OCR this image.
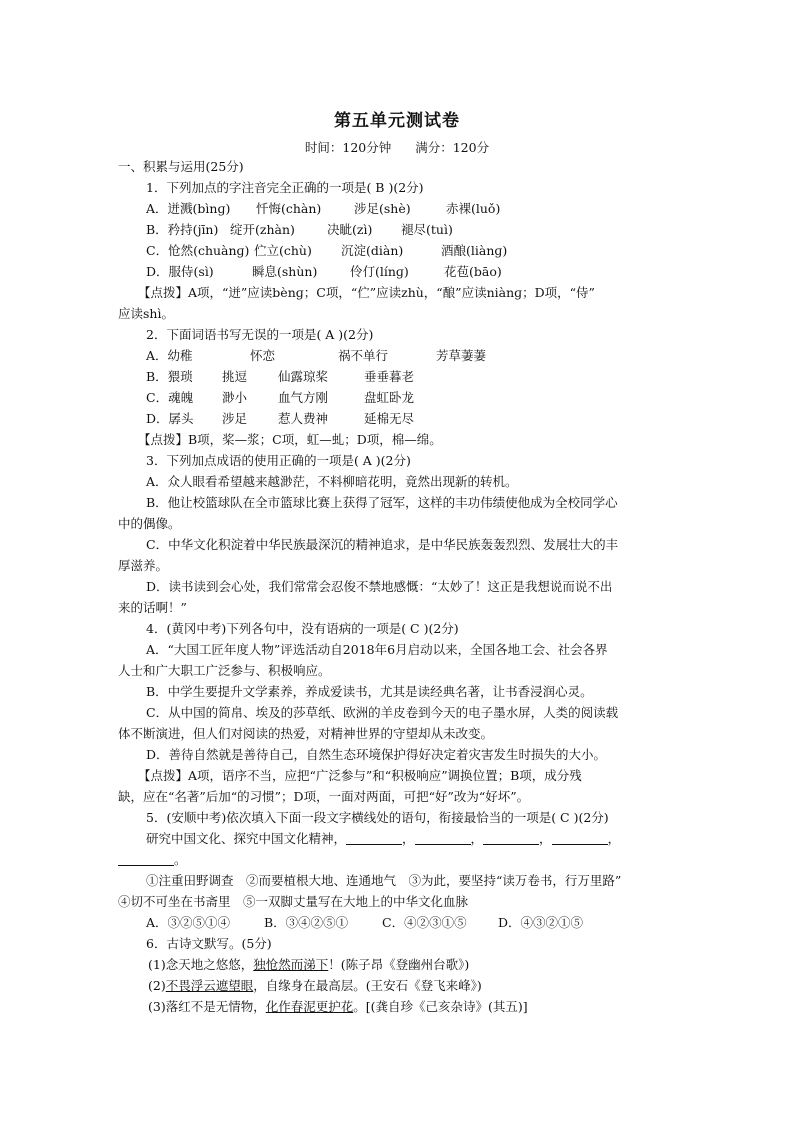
第五单元测试卷
时间：120分钟 满分：120分
一、积累与运用(25分)
1．下列加点的字注音完全正确的一项是( B )(2分)
A．迸溅(bìnɡ) 忏悔(chàn)	涉足(shè)	赤裸(luǒ)
B．矜持(jīn) 绽开(zhàn)	决眦(zì) 褪尽(tuì)
C．怆然(chuànɡ) 伫立(chù) 沉淀(diàn)	酒酿(liànɡ)
D．服侍(sì)	瞬息(shùn)	伶仃(línɡ)	花苞(bāo)
【点拨】A项，“迸”应读bènɡ；C项，“伫”应读zhù，“酿”应读niànɡ；D项，“侍”
应读shì。
2．下面词语书写无误的一项是( A )(2分)
A．幼稚	怀恋	祸不单行	芳草萋萋
B．猥琐 挑逗 仙露琼桨	垂垂暮老
C．魂魄 渺小 血气方刚	盘虹卧龙
D．孱头 涉足 惹人费神	延棉无尽
【点拨】B项，桨—浆；C项，虹—虬；D项，棉—绵。
3．下列加点成语的使用正确的一项是( A )(2分)
A．众人眼看希望越来越渺茫，不料柳暗花明，竟然出现新的转机。
B．他让校篮球队在全市篮球比赛上获得了冠军，这样的丰功伟绩使他成为全校同学心
中的偶像。
C．中华文化积淀着中华民族最深沉的精神追求，是中华民族轰轰烈烈、发展壮大的丰
厚滋养。
D．读书读到会心处，我们常常会忍俊不禁地感慨：“太妙了！这正是我想说而说不出
来的话啊！”
4．(黄冈中考)下列各句中，没有语病的一项是( C )(2分)
A．“大国工匠年度人物”评选活动自2018年6月启动以来，全国各地工会、社会各界
人士和广大职工广泛参与、积极响应。
B．中学生要提升文学素养，养成爱读书，尤其是读经典名著，让书香浸润心灵。
C．从中国的简帛、埃及的莎草纸、欧洲的羊皮卷到今天的电子墨水屏，人类的阅读载
体不断演进，但人们对阅读的热爱，对精神世界的守望却从未改变。
D．善待自然就是善待自己，自然生态环境保护得好决定着灾害发生时损失的大小。
【点拨】A项，语序不当，应把“广泛参与”和“积极响应”调换位置；B项，成分残
缺，应在“名著”后加“的习惯”；D项，一面对两面，可把“好”改为“好坏”。
5．(安顺中考)依次填入下面一段文字横线处的语句，衔接最恰当的一项是( C )(2分)
研究中国文化、探究中国文化精神，	，	，	，	，
。
①注重田野调查　②而要植根大地、连通地气　③为此，要坚持“读万卷书，行万里路”
④切不可坐在书斋里　⑤一双脚丈量写在大地上的中华文化血脉
A．③②⑤①④	B．③④②⑤①	C．④②③①⑤	D．④③②①⑤
6．古诗文默写。(5分)
(1)念天地之悠悠，独怆然而涕下！(陈子昂《登幽州台歌》)
(2)不畏浮云遮望眼，自缘身在最高层。(王安石《登飞来峰》)
(3)落红不是无情物，化作春泥更护花。[(龚自珍《己亥杂诗》(其五)]
